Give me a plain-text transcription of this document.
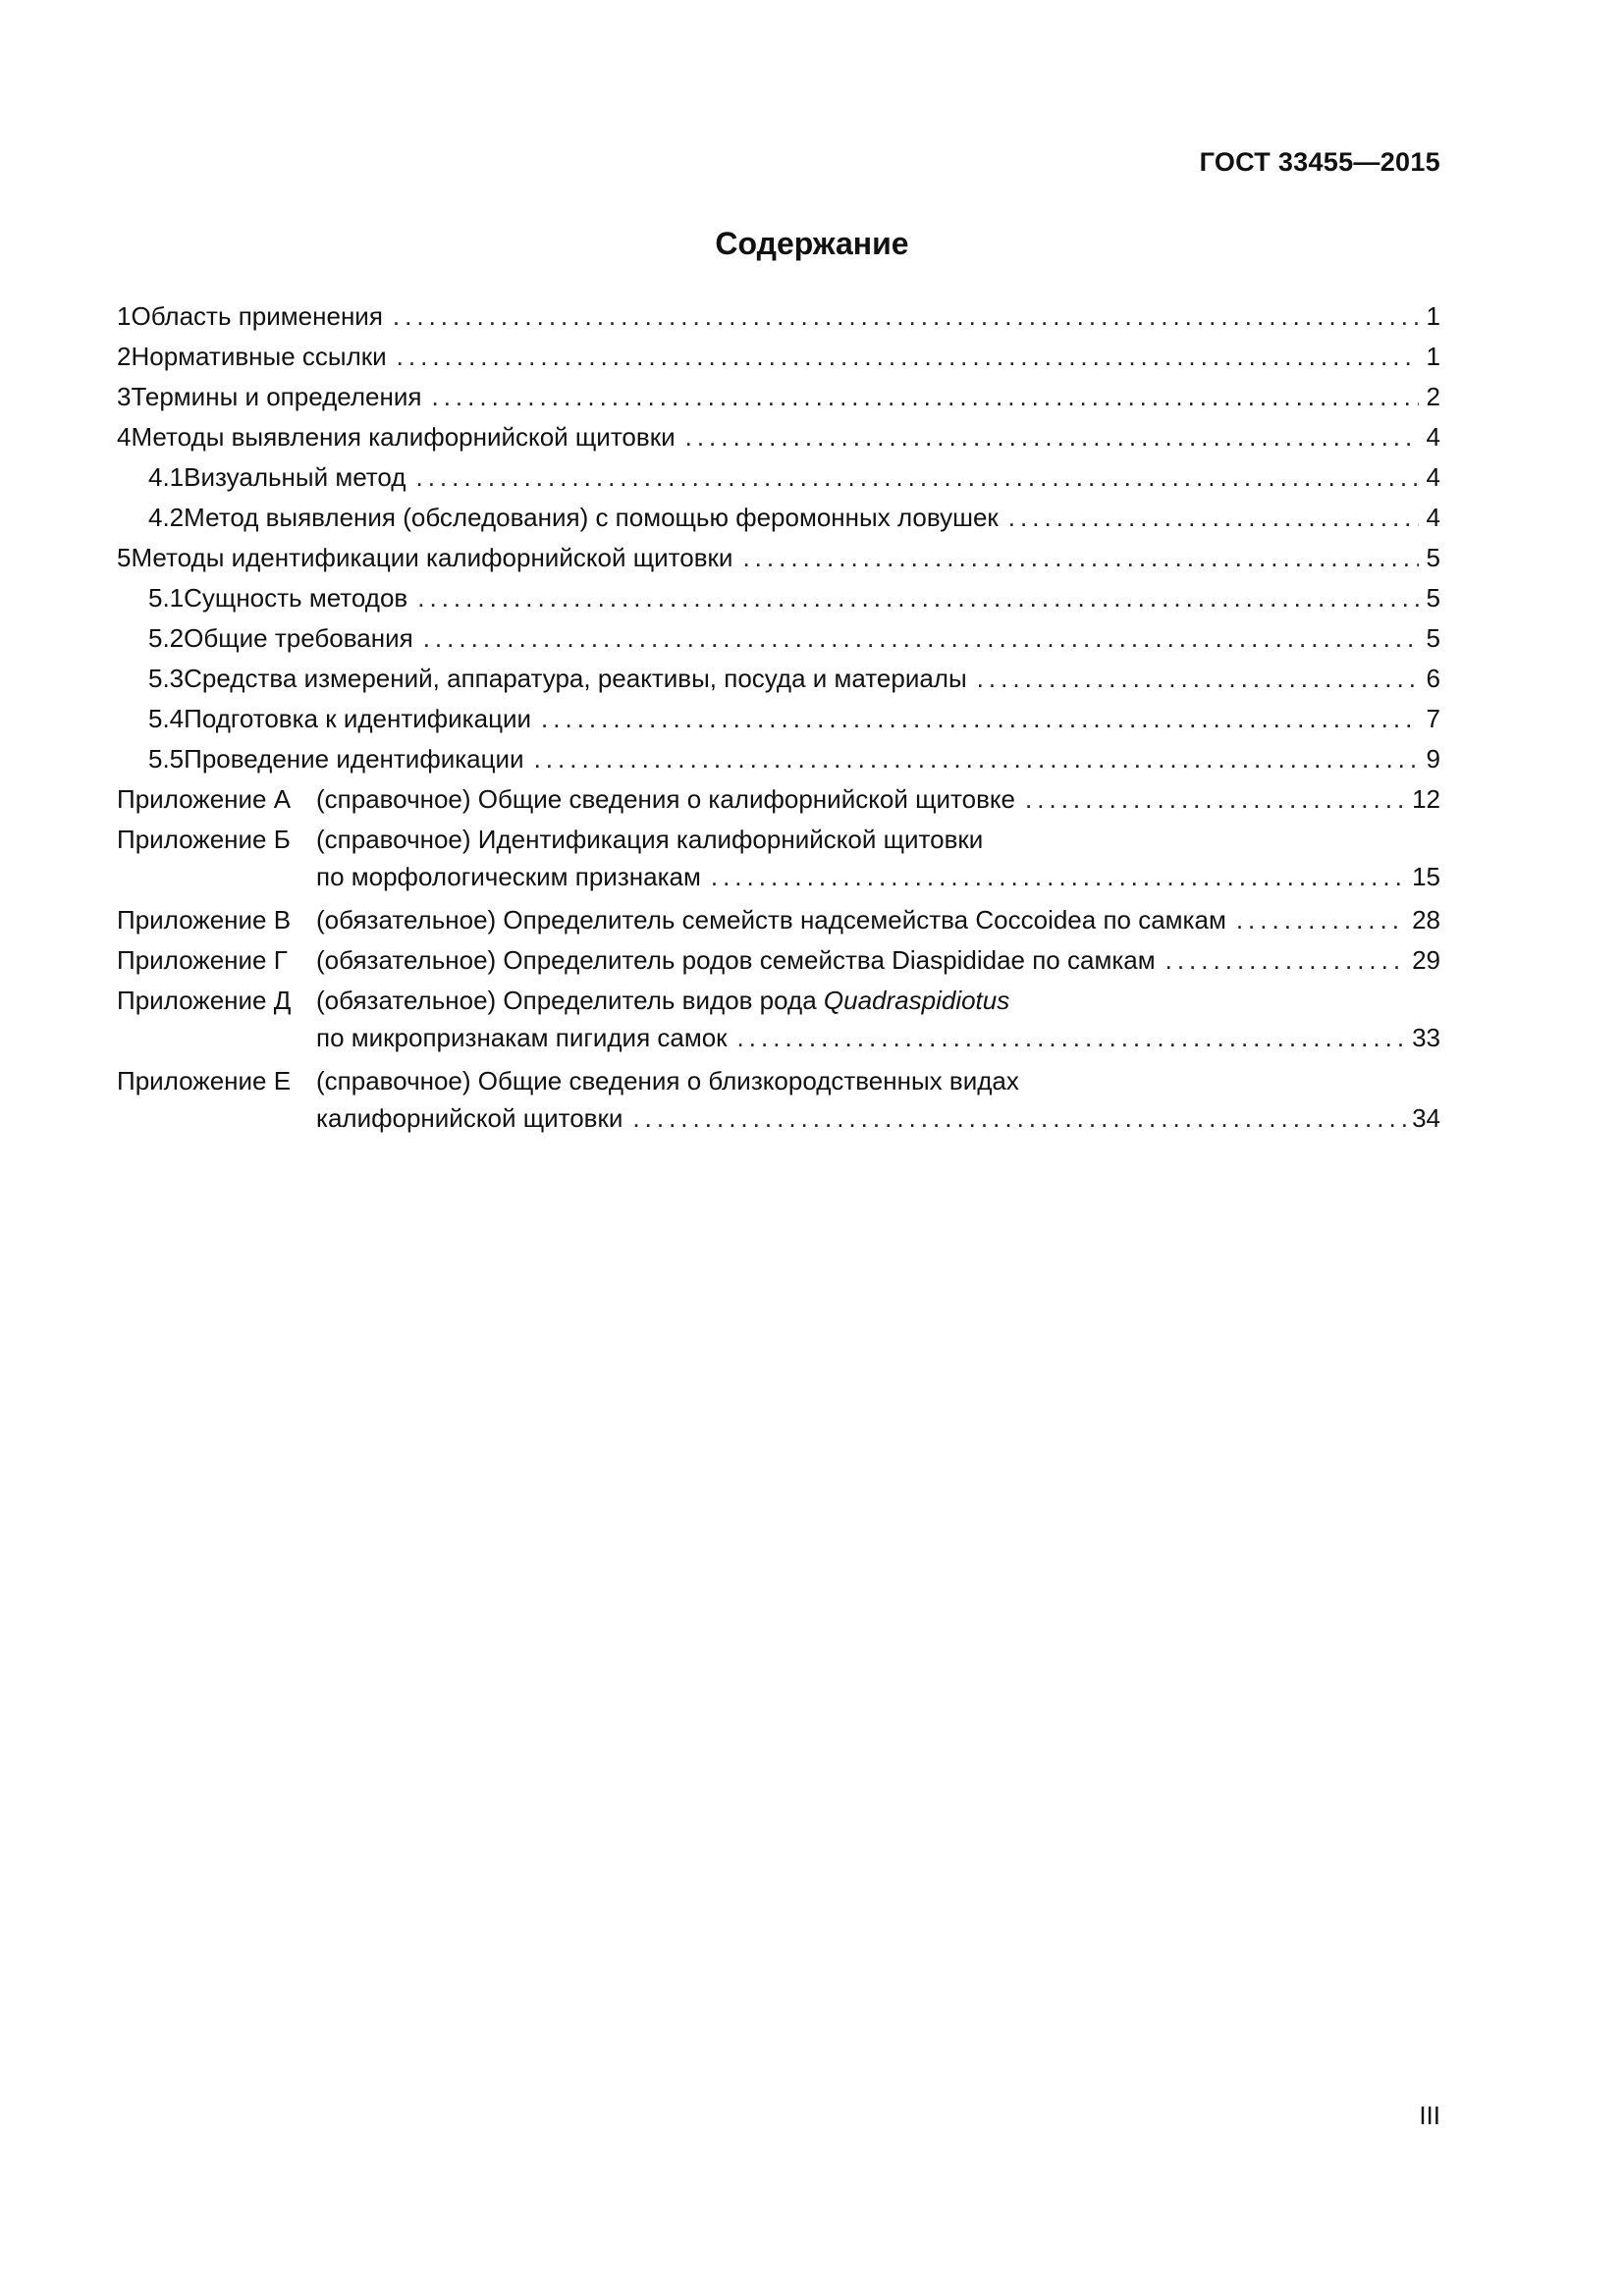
ГОСТ 33455—2015
Содержание
1 Область применения .....	1
2 Нормативные ссылки .....	1
3 Термины и определения .....	2
4 Методы выявления калифорнийской щитовки .....	4
4.1 Визуальный метод .....	4
4.2 Метод выявления (обследования) с помощью феромонных ловушек .....	4
5 Методы идентификации калифорнийской щитовки .....	5
5.1 Сущность методов .....	5
5.2 Общие требования .....	5
5.3 Средства измерений, аппаратура, реактивы, посуда и материалы .....	6
5.4 Подготовка к идентификации .....	7
5.5 Проведение идентификации .....	9
Приложение А (справочное) Общие сведения о калифорнийской щитовке .....	12
Приложение Б	(справочное) Идентификация калифорнийской щитовки
по морфологическим признакам .....	15
Приложение В (обязательное) Определитель семейств надсемейства Coccoidea по самкам .....	28
Приложение Г	(обязательное) Определитель родов семейства Diaspididae по самкам .....	29
Приложение Д (обязательное) Определитель видов рода
Quadraspidiotus
по микропризнакам пигидия самок .....	33
Приложение Е (справочное) Общие сведения о близкородственных видах
калифорнийской щитовки .....	34
III
